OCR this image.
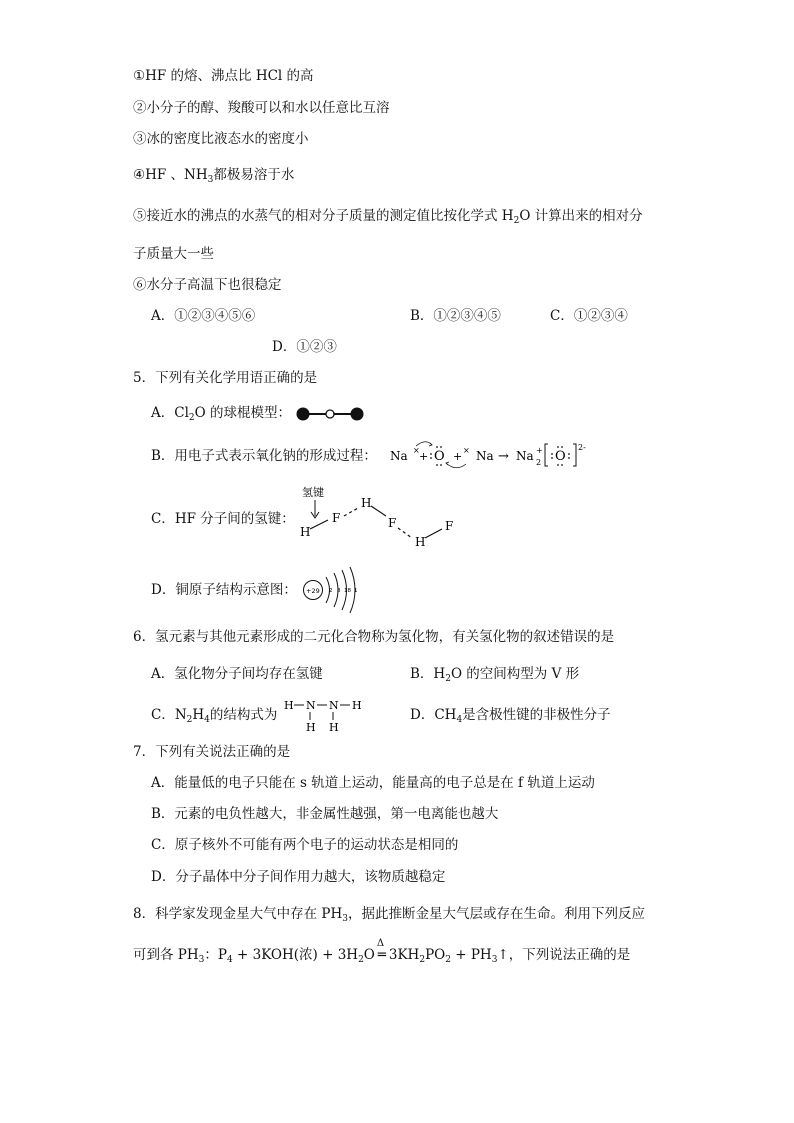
①HF 的熔、沸点比 HCl 的高
②小分子的醇、羧酸可以和水以任意比互溶
③冰的密度比液态水的密度小
④HF 、$NH_3$都极易溶于水
⑤接近水的沸点的水蒸气的相对分子质量的测定值比按化学式 $H_2O$ 计算出来的相对分
子质量大一些
⑥水分子高温下也很稳定
A．①②③④⑤⑥	B．①②③④⑤	C．①②③④
D．①②③
5．下列有关化学用语正确的是
A．$Cl_2O$ 的球棍模型：
B．用电子式表示氧化钠的形成过程： Na × + O + × Na → Na 2
+ O
2-
C．HF 分子间的氢键：
氢键
H
F
H
F
H
F
D．铜原子结构示意图： +29 2 8 18 1
6．氢元素与其他元素形成的二元化合物称为氢化物，有关氢化物的叙述错误的是
A．氢化物分子间均存在氢键	B．$H_2O$ 的空间构型为 V 形
C．$N_2H_4$的结构式为
H N N H
H H
D．$CH_4$是含极性键的非极性分子
7．下列有关说法正确的是
A．能量低的电子只能在 s 轨道上运动，能量高的电子总是在 f 轨道上运动
B．元素的电负性越大，非金属性越强，第一电离能也越大
C．原子核外不可能有两个电子的运动状态是相同的
D．分子晶体中分子间作用力越大，该物质越稳定
8．科学家发现金星大气中存在 $PH_3$，据此推断金星大气层或存在生命。利用下列反应
可到各 $PH_3$：$P_4 + 3KOH$(浓) + $3H_2O$
Δ
═ $3KH_2PO_2$ + $PH_3↑$，下列说法正确的是
